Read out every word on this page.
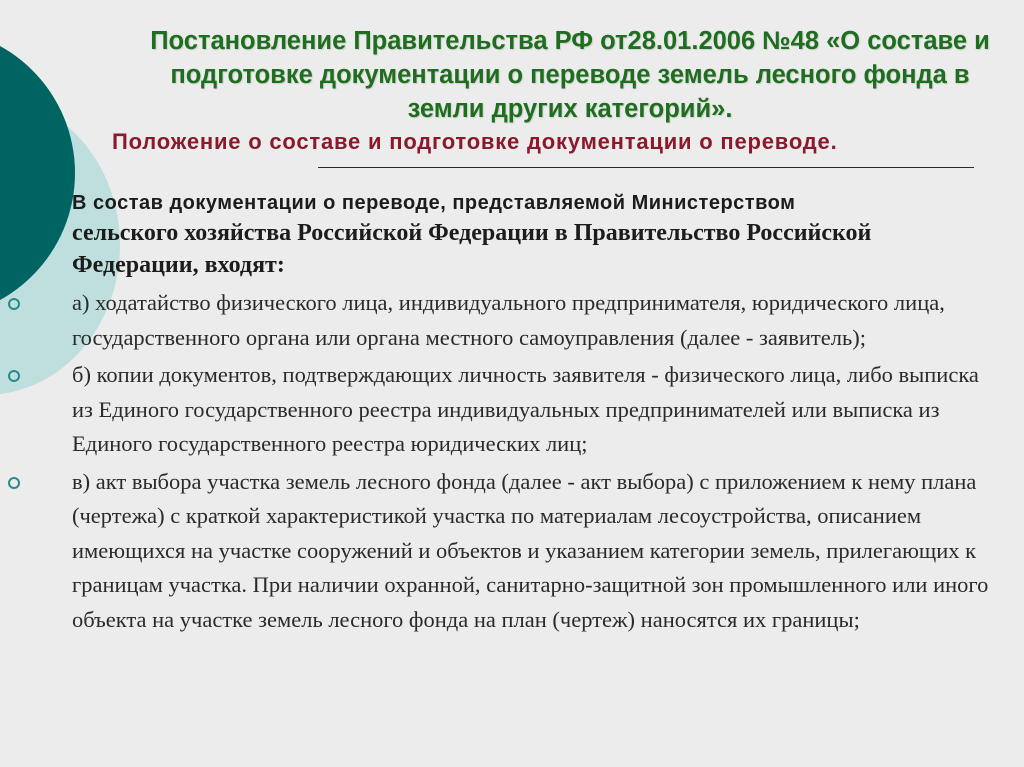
Постановление Правительства РФ от28.01.2006 №48 «О составе и подготовке документации о переводе земель лесного фонда в земли других категорий».

Положение о составе и подготовке документации о переводе.

В состав документации о переводе, представляемой Министерством

сельского хозяйства Российской Федерации в Правительство Российской Федерации, входят:

а) ходатайство физического лица, индивидуального предпринимателя, юридического лица, государственного органа или органа местного самоуправления (далее - заявитель);
б) копии документов, подтверждающих личность заявителя - физического лица, либо выписка из Единого государственного реестра индивидуальных предпринимателей или выписка из Единого государственного реестра юридических лиц;
в) акт выбора участка земель лесного фонда (далее - акт выбора) с приложением к нему плана (чертежа) с краткой характеристикой участка по материалам лесоустройства, описанием имеющихся на участке сооружений и объектов и указанием категории земель, прилегающих к границам участка. При наличии охранной, санитарно-защитной зон промышленного или иного объекта на участке земель лесного фонда на план (чертеж) наносятся их границы;
